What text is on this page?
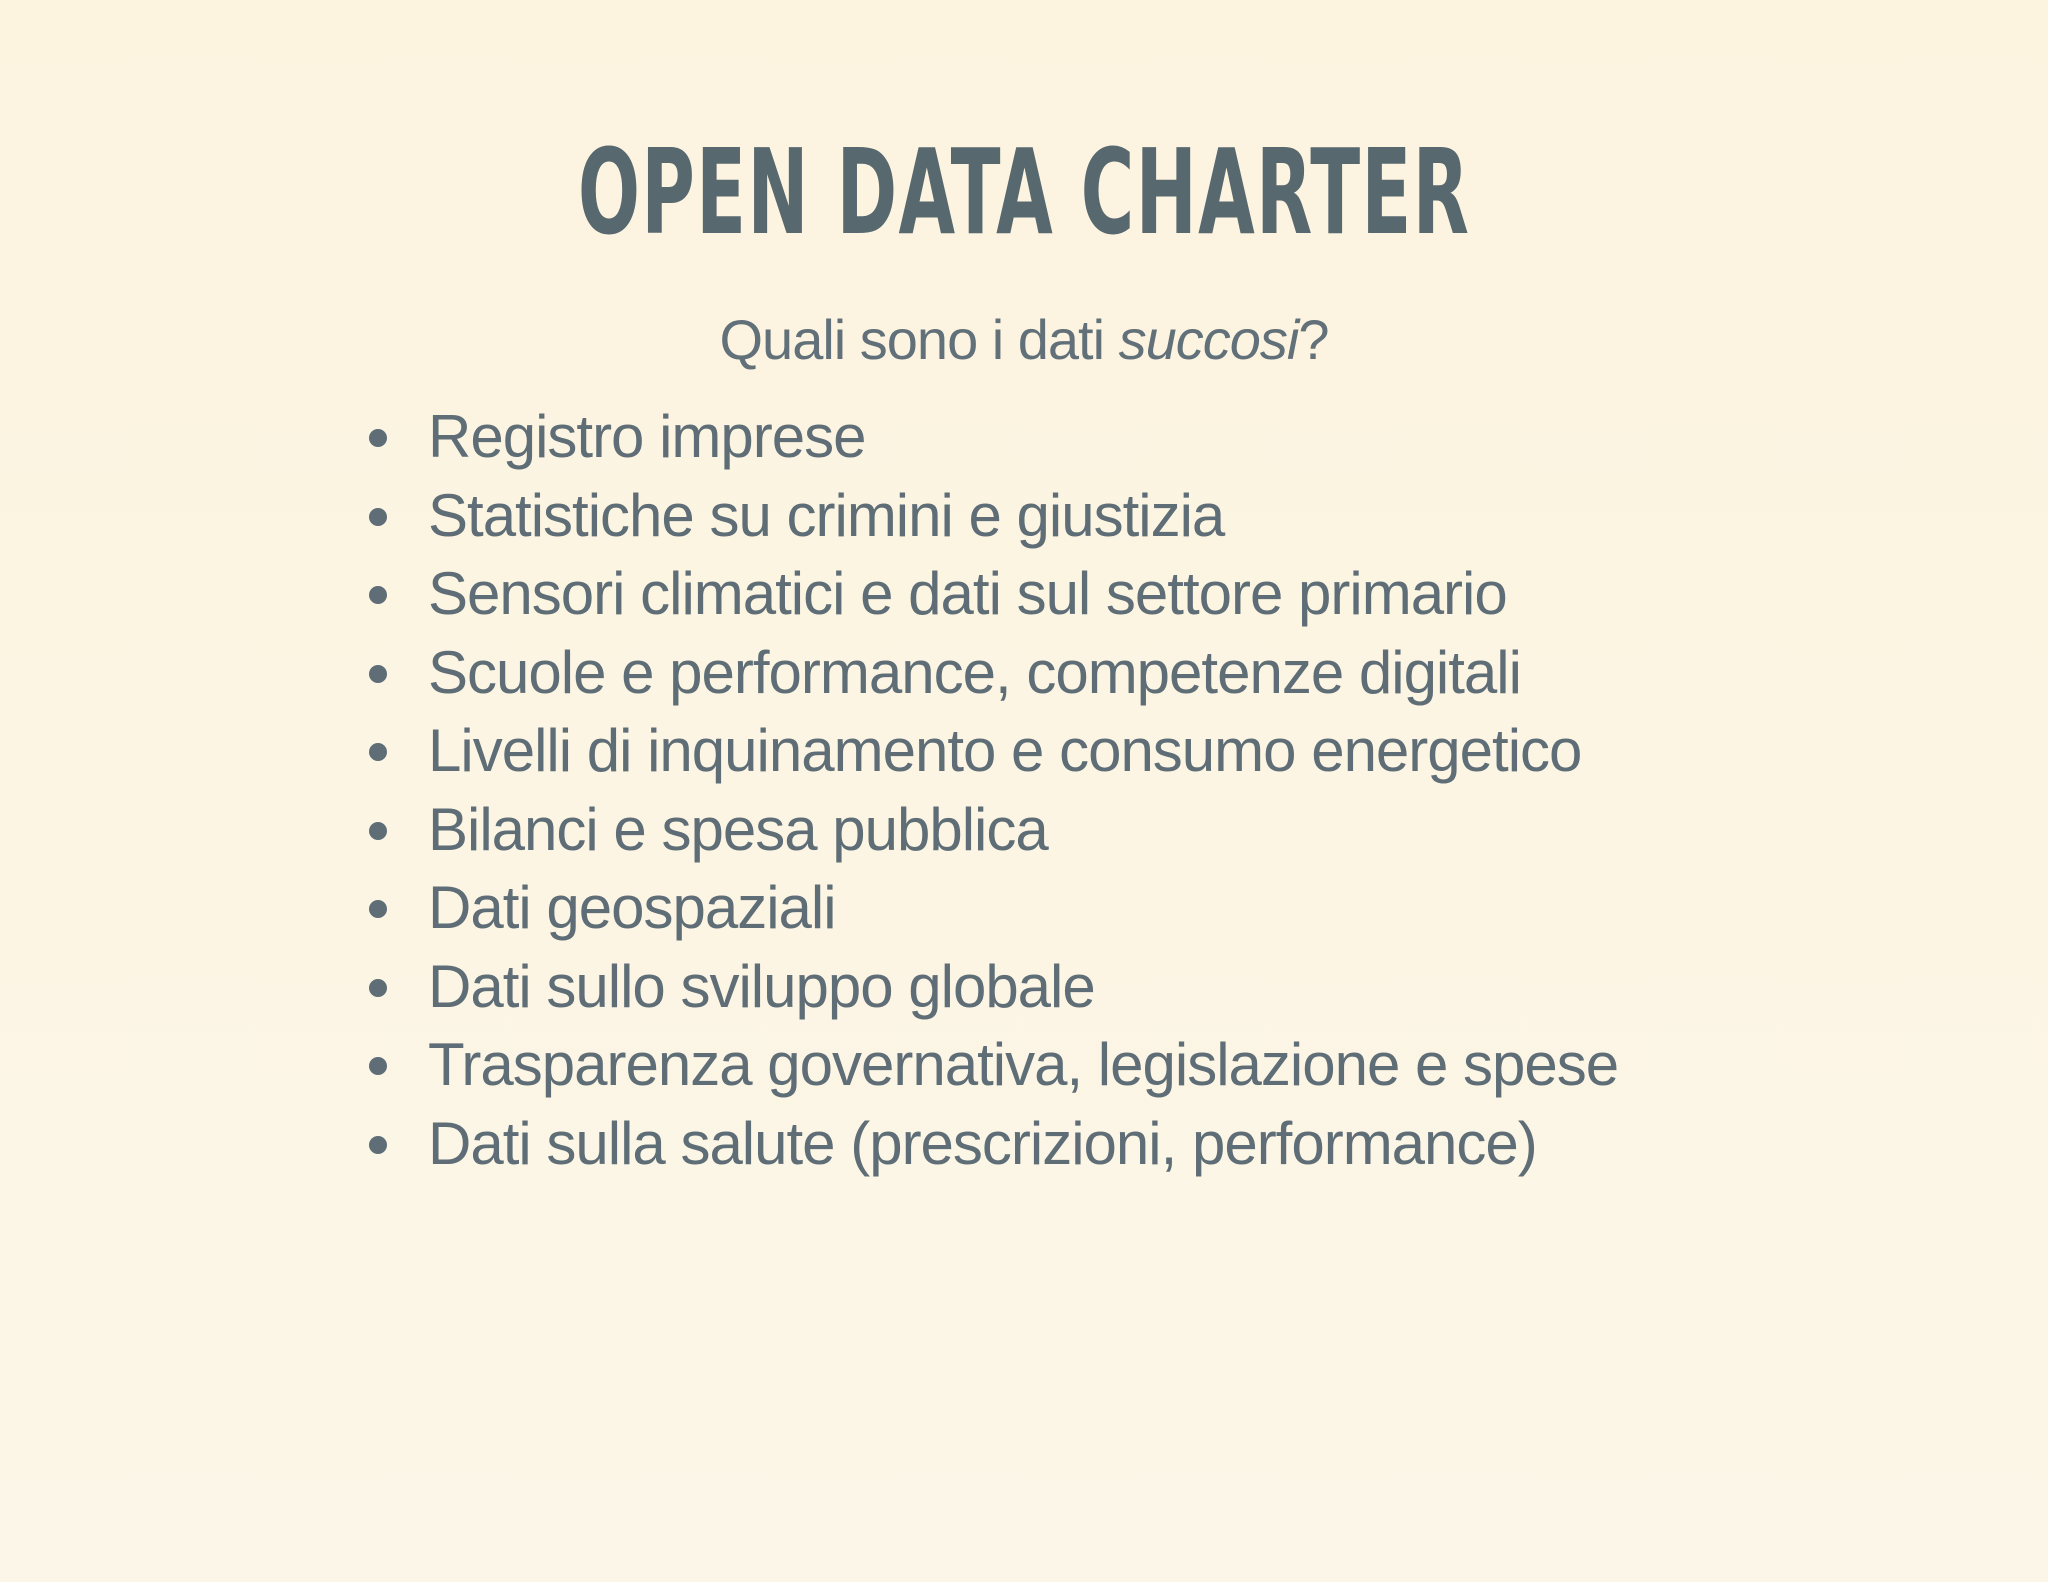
OPEN DATA CHARTER

Quali sono i dati succosi?

Registro imprese
Statistiche su crimini e giustizia
Sensori climatici e dati sul settore primario
Scuole e performance, competenze digitali
Livelli di inquinamento e consumo energetico
Bilanci e spesa pubblica
Dati geospaziali
Dati sullo sviluppo globale
Trasparenza governativa, legislazione e spese
Dati sulla salute (prescrizioni, performance)
